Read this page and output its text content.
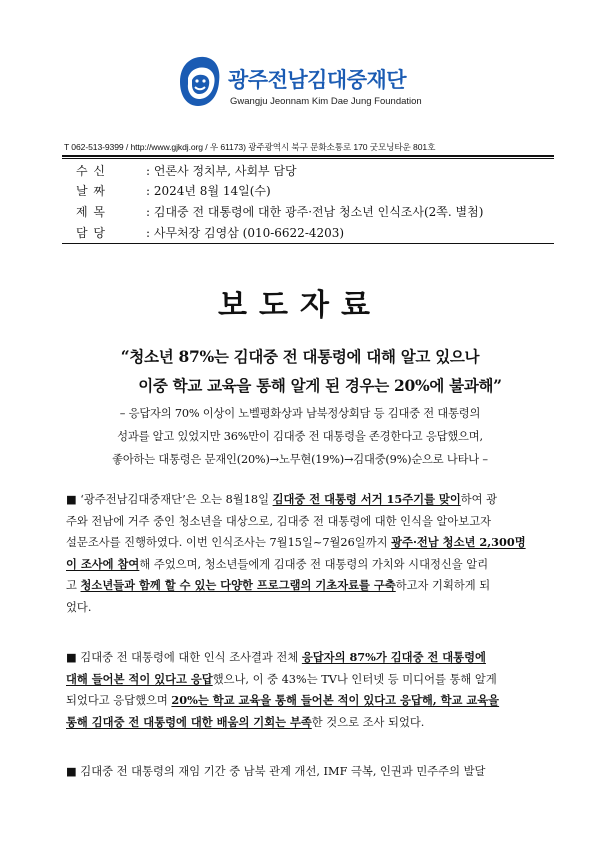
광주전남김대중재단
Gwangju Jeonnam Kim Dae Jung Foundation
T 062-513-9399 / http://www.gjkdj.org / 우 61173) 광주광역시 북구 문화소통로 170 굿모닝타운 801호
수 신	: 언론사 정치부, 사회부 담당
날 짜	: 2024년 8월 14일(수)
제 목	: 김대중 전 대통령에 대한 광주·전남 청소년 인식조사(2쪽. 별첨)
담 당	: 사무처장 김영삼 (010-6622-4203)
보도자료
“청소년 87%는 김대중 전 대통령에 대해 알고 있으나
이중 학교 교육을 통해 알게 된 경우는 20%에 불과해”
– 응답자의 70% 이상이 노벨평화상과 남북정상회담 등 김대중 전 대통령의
성과를 알고 있었지만 36%만이 김대중 전 대통령을 존경한다고 응답했으며,
좋아하는 대통령은 문재인(20%)→노무현(19%)→김대중(9%)순으로 나타나 –
■ ‘광주전남김대중재단’은 오는 8월18일 김대중 전 대통령 서거 15주기를 맞이하여 광
주와 전남에 거주 중인 청소년을 대상으로, 김대중 전 대통령에 대한 인식을 알아보고자
설문조사를 진행하였다. 이번 인식조사는 7월15일~7월26일까지 광주·전남 청소년 2,300명
이 조사에 참여해 주었으며, 청소년들에게 김대중 전 대통령의 가치와 시대정신을 알리
고 청소년들과 함께 할 수 있는 다양한 프로그램의 기초자료를 구축하고자 기획하게 되
었다.
■ 김대중 전 대통령에 대한 인식 조사결과 전체 응답자의 87%가 김대중 전 대통령에
대해 들어본 적이 있다고 응답했으나, 이 중 43%는 TV나 인터넷 등 미디어를 통해 알게
되었다고 응답했으며 20%는 학교 교육을 통해 들어본 적이 있다고 응답해, 학교 교육을
통해 김대중 전 대통령에 대한 배움의 기회는 부족한 것으로 조사 되었다.
■ 김대중 전 대통령의 재임 기간 중 남북 관계 개선, IMF 극복, 인권과 민주주의 발달
